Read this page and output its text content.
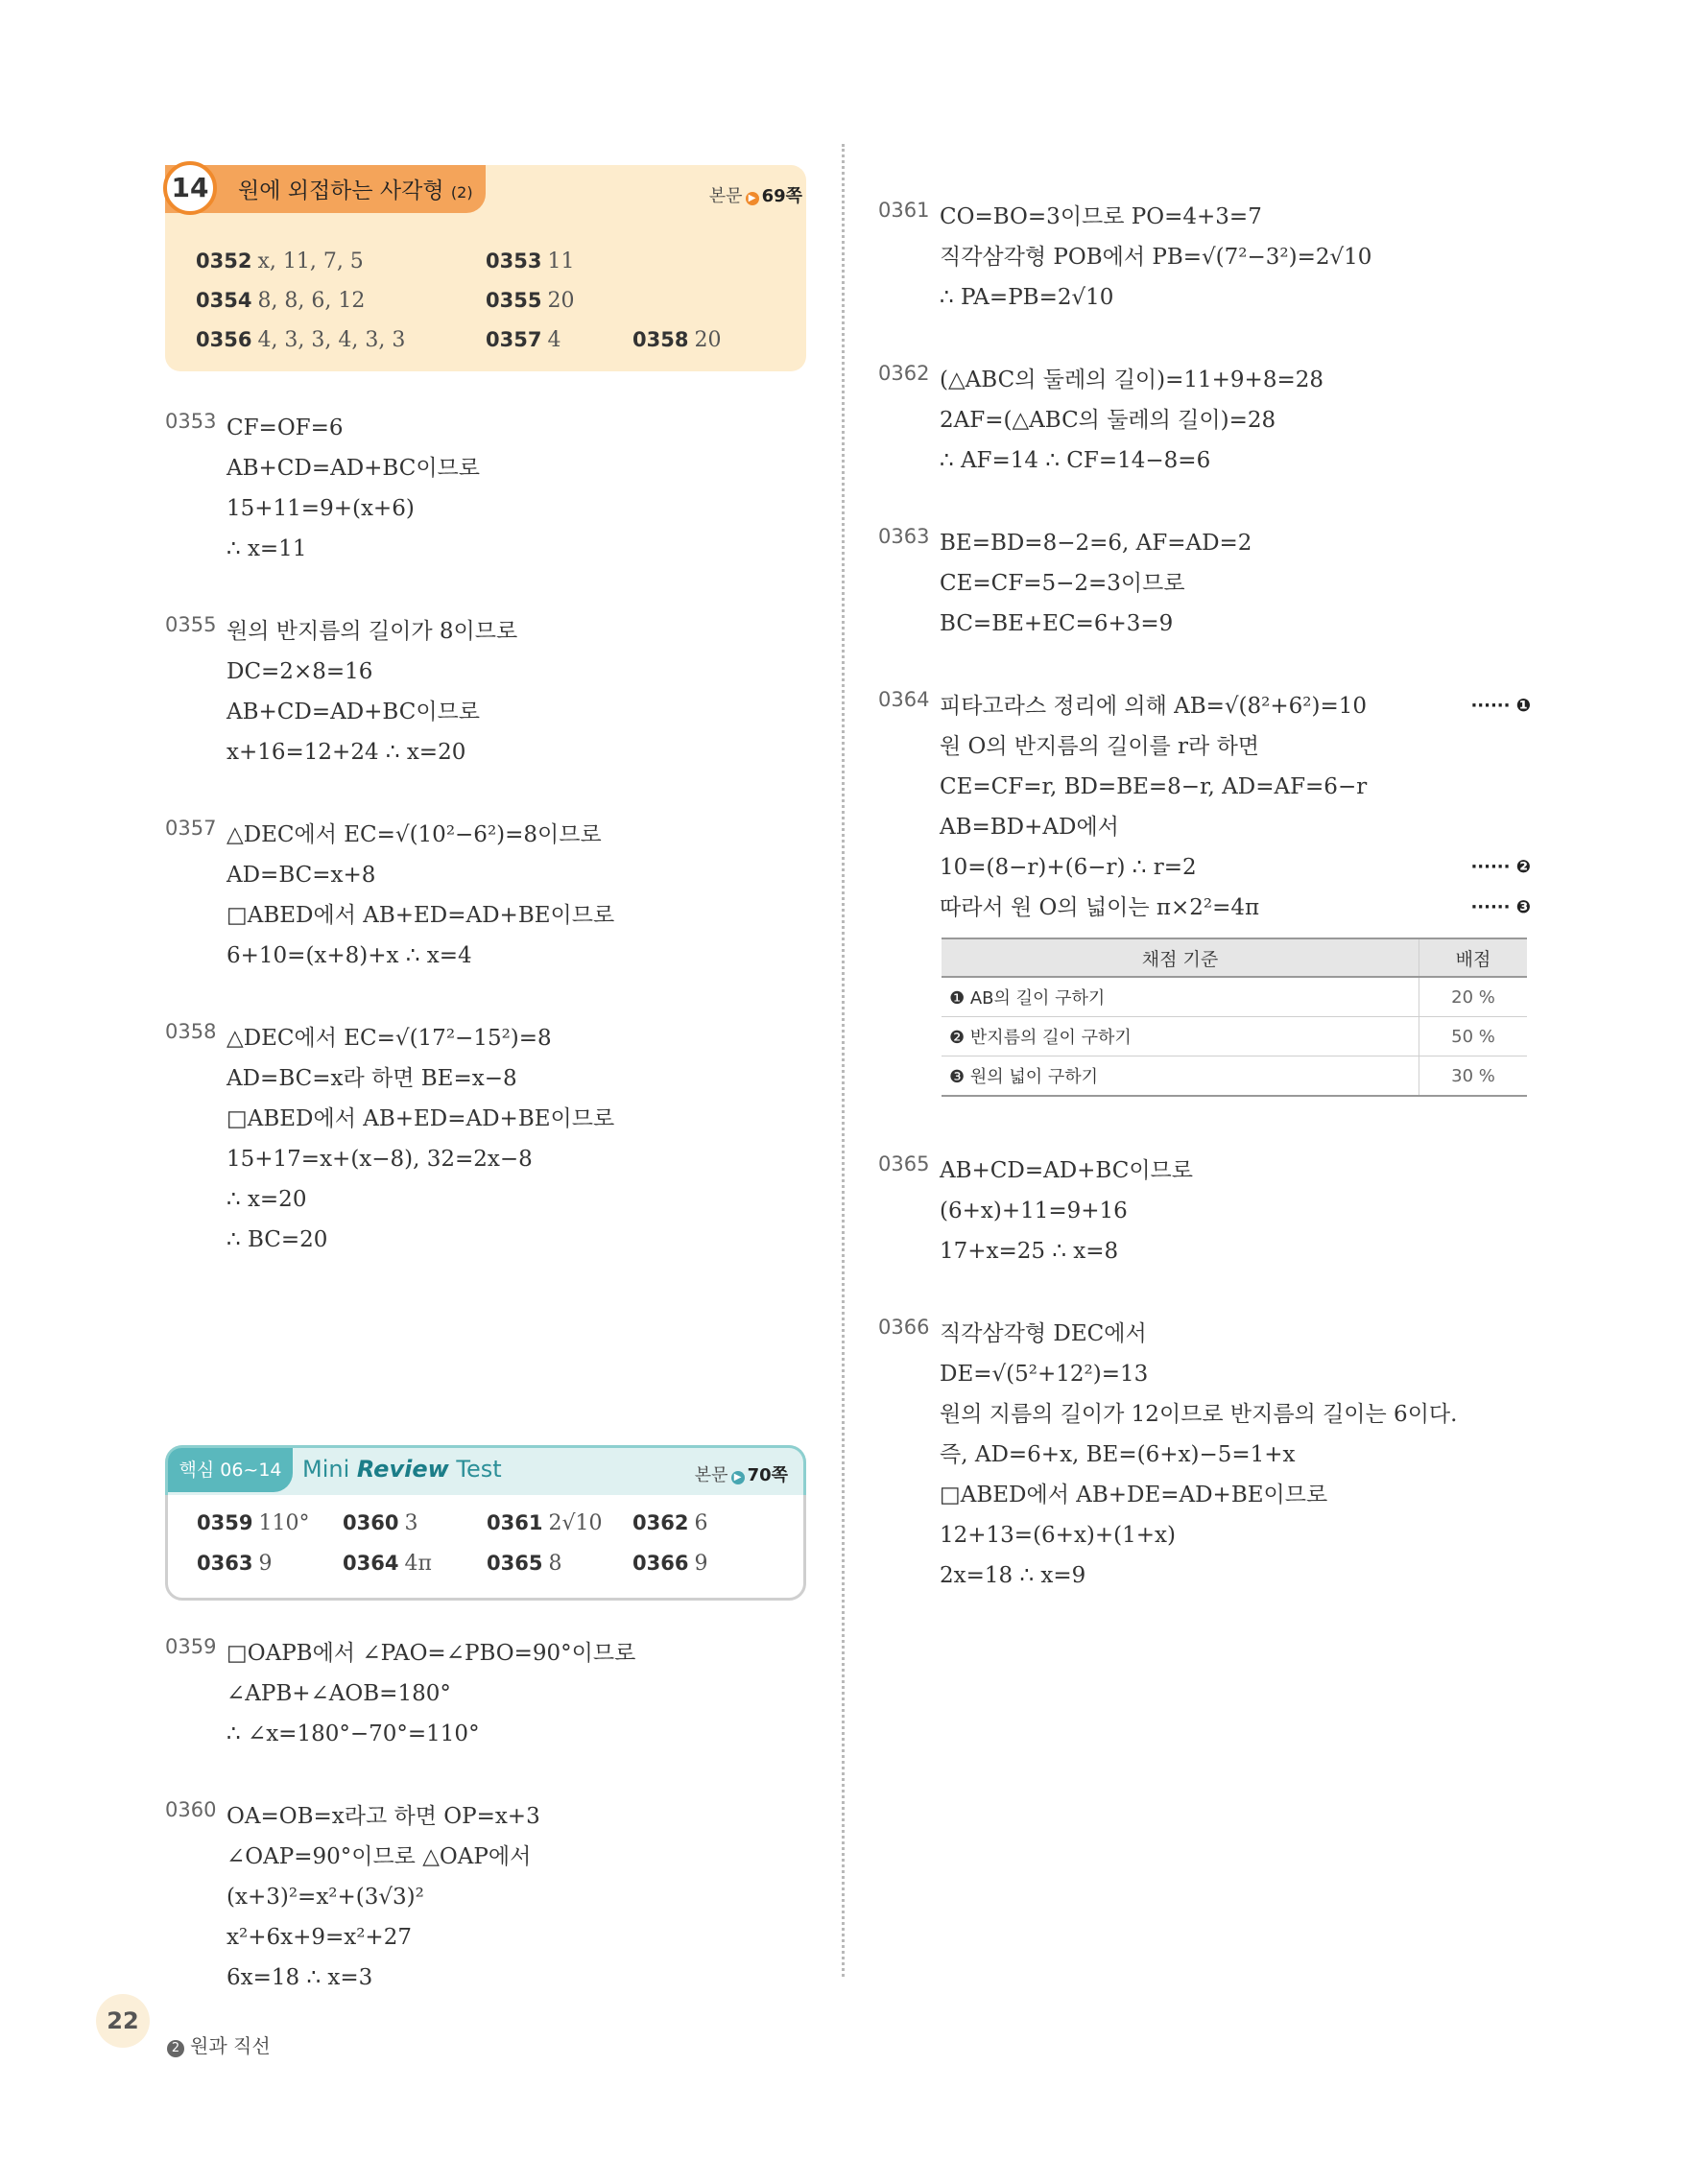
14	원에 외접하는 사각형 (2)	본문 ▶ 69쪽
0352 x, 11, 7, 5	0353 11
0354 8, 8, 6, 12	0355 20
0356 4, 3, 3, 4, 3, 3	0357 4	0358 20
0353 CF=OF=6
AB+CD=AD+BC이므로
15+11=9+(x+6)
∴ x=11
0355 원의 반지름의 길이가 8이므로
DC=2×8=16
AB+CD=AD+BC이므로
x+16=12+24 ∴ x=20
0357 △DEC에서 EC=√(10²−6²)=8이므로
AD=BC=x+8
□ABED에서 AB+ED=AD+BE이므로
6+10=(x+8)+x ∴ x=4
0358 △DEC에서 EC=√(17²−15²)=8
AD=BC=x라 하면 BE=x−8
□ABED에서 AB+ED=AD+BE이므로
15+17=x+(x−8), 32=2x−8
∴ x=20
∴ BC=20
핵심 06~14 Mini Review Test	본문 ▶ 70쪽
0359 110° 0360 3	0361 2√10 0362 6
0363 9	0364 4π	0365 8	0366 9
0359 □OAPB에서 ∠PAO=∠PBO=90°이므로
∠APB+∠AOB=180°
∴ ∠x=180°−70°=110°
0360 OA=OB=x라고 하면 OP=x+3
∠OAP=90°이므로 △OAP에서
(x+3)²=x²+(3√3)²
x²+6x+9=x²+27
6x=18 ∴ x=3
0361 CO=BO=3이므로 PO=4+3=7
직각삼각형 POB에서 PB=√(7²−3²)=2√10
∴ PA=PB=2√10
0362 (△ABC의 둘레의 길이)=11+9+8=28
2AF=(△ABC의 둘레의 길이)=28
∴ AF=14 ∴ CF=14−8=6
0363 BE=BD=8−2=6, AF=AD=2
CE=CF=5−2=3이므로
BC=BE+EC=6+3=9
0364 피타고라스 정리에 의해 AB=√(8²+6²)=10
원 O의 반지름의 길이를 r라 하면
CE=CF=r, BD=BE=8−r, AD=AF=6−r
AB=BD+AD에서
10=(8−r)+(6−r) ∴ r=2
따라서 원 O의 넓이는 π×2²=4π
······ ❶
······ ❷
······ ❸
채점 기준	배점
❶ AB의 길이 구하기	20 %
❷ 반지름의 길이 구하기	50 %
❸ 원의 넓이 구하기	30 %
0365 AB+CD=AD+BC이므로
(6+x)+11=9+16
17+x=25 ∴ x=8
0366 직각삼각형 DEC에서
DE=√(5²+12²)=13
원의 지름의 길이가 12이므로 반지름의 길이는 6이다.
즉, AD=6+x, BE=(6+x)−5=1+x
□ABED에서 AB+DE=AD+BE이므로
12+13=(6+x)+(1+x)
2x=18 ∴ x=9
22
2 원과 직선
